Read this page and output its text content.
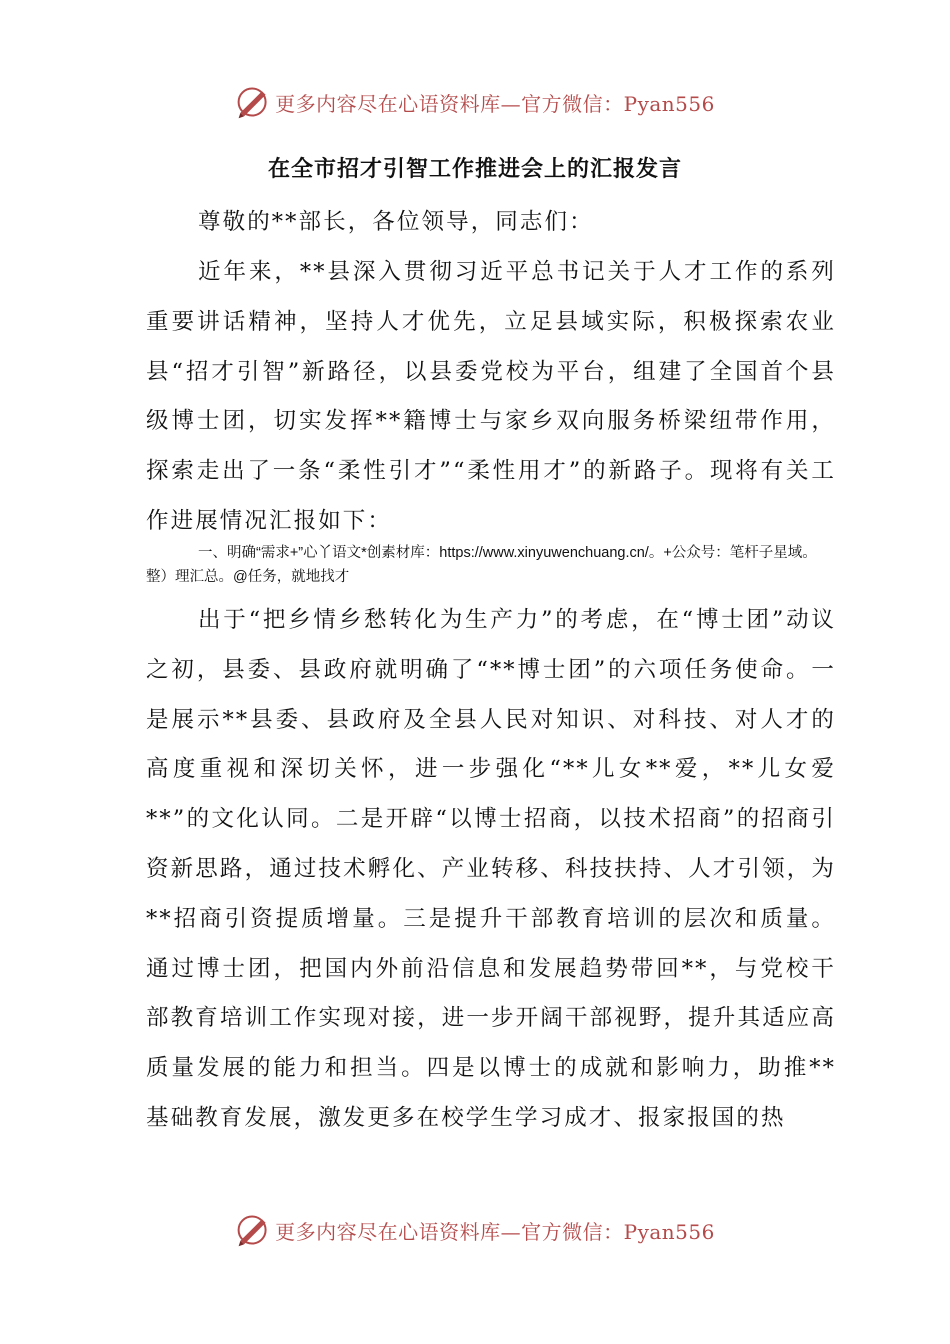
更多内容尽在心语资料库—官方微信：Pyan556
在全市招才引智工作推进会上的汇报发言

尊敬的**部长，各位领导，同志们：

近年来，**县深入贯彻习近平总书记关于人才工作的系列重要讲话精神，坚持人才优先，立足县域实际，积极探索农业县“招才引智”新路径，以县委党校为平台，组建了全国首个县级博士团，切实发挥**籍博士与家乡双向服务桥梁纽带作用，探索走出了一条“柔性引才”“柔性用才”的新路子。现将有关工作进展情况汇报如下：

一、明确“需求+”心丫语文*创素材库：https://www.xinyuwenchuang.cn/。+公众号：笔杆子星域。整）理汇总。@任务，就地找才

出于“把乡情乡愁转化为生产力”的考虑，在“博士团”动议之初，县委、县政府就明确了“**博士团”的六项任务使命。一是展示**县委、县政府及全县人民对知识、对科技、对人才的高度重视和深切关怀，进一步强化“**儿女**爱，**儿女爱**”的文化认同。二是开辟“以博士招商，以技术招商”的招商引资新思路，通过技术孵化、产业转移、科技扶持、人才引领，为**招商引资提质增量。三是提升干部教育培训的层次和质量。通过博士团，把国内外前沿信息和发展趋势带回**，与党校干部教育培训工作实现对接，进一步开阔干部视野，提升其适应高质量发展的能力和担当。四是以博士的成就和影响力，助推**基础教育发展，激发更多在校学生学习成才、报家报国的热

更多内容尽在心语资料库—官方微信：Pyan556
